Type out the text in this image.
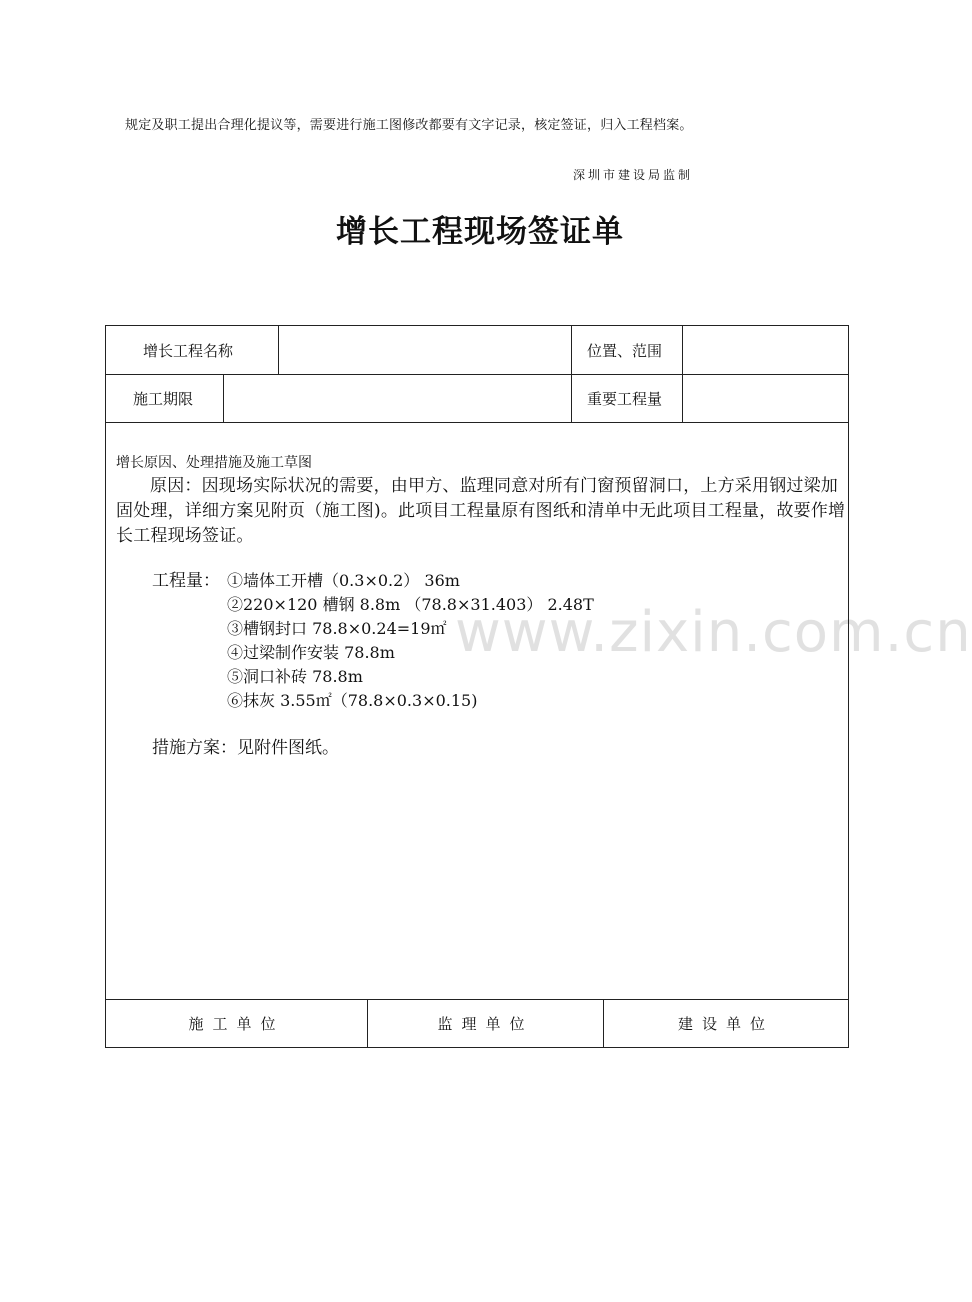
规定及职工提出合理化提议等，需要进行施工图修改都要有文字记录，核定签证，归入工程档案。
深圳市建设局监制
增长工程现场签证单
www.zixin.com.cn
增长工程名称	位置、范围
施工期限	重要工程量
增长原因、处理措施及施工草图
原因：因现场实际状况的需要，由甲方、监理同意对所有门窗预留洞口，上方采用钢过梁加固处理，详细方案见附页（施工图)。此项目工程量原有图纸和清单中无此项目工程量，故要作增长工程现场签证。
工程量： ①墙体工开槽（0.3×0.2） 36m
②220×120 槽钢 8.8m （78.8×31.403） 2.48T
③槽钢封口 78.8×0.24=19㎡
④过梁制作安装 78.8m
⑤洞口补砖 78.8m
⑥抹灰 3.55㎡（78.8×0.3×0.15)
措施方案：见附件图纸。
施工单位	监理单位	建设单位
